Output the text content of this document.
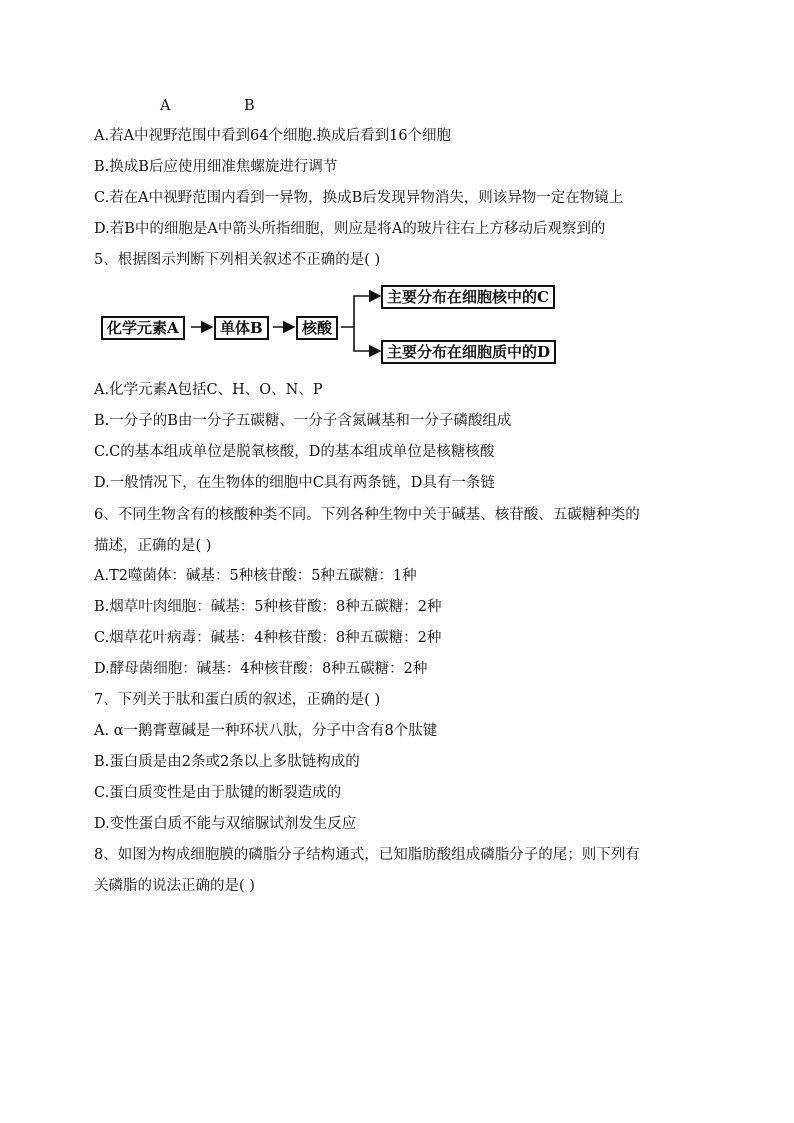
A	B
A.若A中视野范围中看到64个细胞.换成后看到16个细胞
B.换成B后应使用细准焦螺旋进行调节
C.若在A中视野范围内看到一异物，换成B后发现异物消失，则该异物一定在物镜上
D.若B中的细胞是A中箭头所指细胞，则应是将A的玻片往右上方移动后观察到的
5、根据图示判断下列相关叙述不正确的是( )
化学元素A	单体B	核酸
主要分布在细胞核中的C
主要分布在细胞质中的D
A.化学元素A包括C、H、O、N、P
B.一分子的B由一分子五碳糖、一分子含氮碱基和一分子磷酸组成
C.C的基本组成单位是脱氧核酸，D的基本组成单位是核糖核酸
D.一般情况下，在生物体的细胞中C具有两条链，D具有一条链
6、不同生物含有的核酸种类不同。下列各种生物中关于碱基、核苷酸、五碳糖种类的
描述，正确的是( )
A.T2噬菌体：碱基：5种核苷酸：5种五碳糖：1种
B.烟草叶肉细胞：碱基：5种核苷酸：8种五碳糖：2种
C.烟草花叶病毒：碱基：4种核苷酸：8种五碳糖：2种
D.酵母菌细胞：碱基：4种核苷酸：8种五碳糖：2种
7、下列关于肽和蛋白质的叙述，正确的是( )
A. α一鹅膏蕈碱是一种环状八肽，分子中含有8个肽键
B.蛋白质是由2条或2条以上多肽链构成的
C.蛋白质变性是由于肽键的断裂造成的
D.变性蛋白质不能与双缩脲试剂发生反应
8、如图为构成细胞膜的磷脂分子结构通式，已知脂肪酸组成磷脂分子的尾；则下列有
关磷脂的说法正确的是( )
